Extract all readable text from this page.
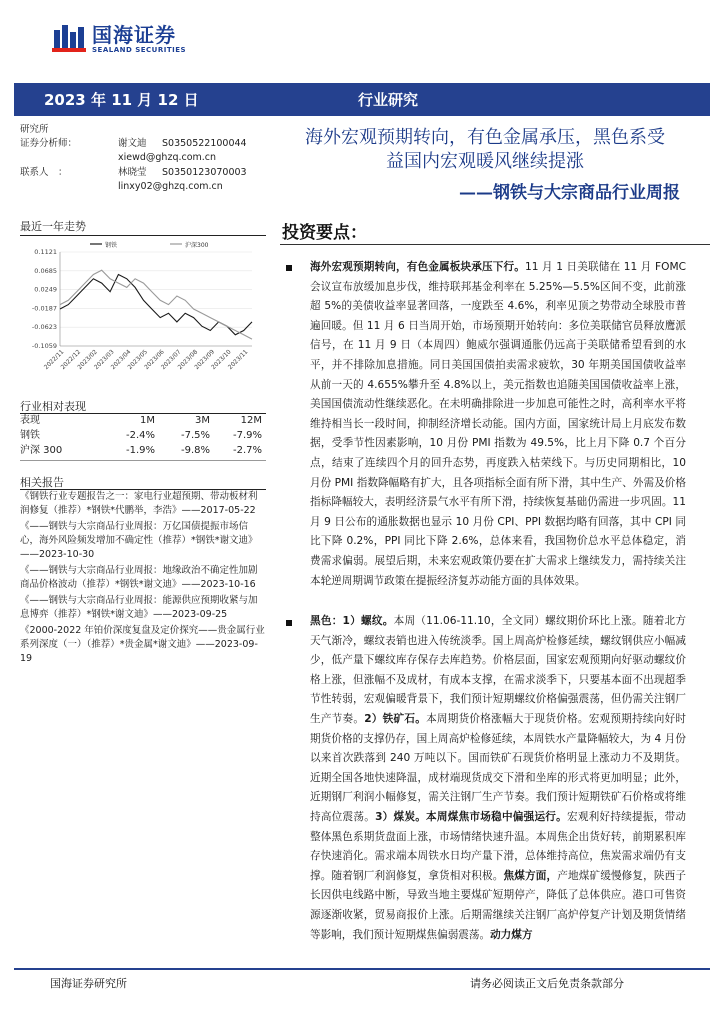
国海证券
SEALAND SECURITIES
2023 年 11 月 12 日	行业研究
研究所
证券分析师：	谢文迪 S0350522100044
xiewd@ghzq.com.cn
联系人　：	林晓莹 S0350123070003
linxy02@ghzq.com.cn
海外宏观预期转向，有色金属承压，黑色系受
益国内宏观暖风继续提涨
——钢铁与大宗商品行业周报
最近一年走势
钢铁	沪深300
0.1121
0.0685
0.0249
-0.0187
-0.0623
-0.1059
2022/11
2022/12
2023/02
2023/03
2023/04
2023/05
2023/06
2023/07
2023/08
2023/09
2023/10
2023/11
行业相对表现
表现	1M	3M	12M
钢铁	-2.4%	-7.5%	-7.9%
沪深 300	-1.9%	-9.8%	-2.7%
相关报告
《钢铁行业专题报告之一：家电行业超预期、带动板材利润修复（推荐）*钢铁*代鹏举，李浩》——2017-05-22
《——钢铁与大宗商品行业周报：万亿国债提振市场信心，海外风险频发增加不确定性（推荐）*钢铁*谢文迪》——2023-10-30
《——钢铁与大宗商品行业周报：地缘政治不确定性加剧商品价格波动（推荐）*钢铁*谢文迪》——2023-10-16
《——钢铁与大宗商品行业周报：能源供应预期收紧与加息博弈（推荐）*钢铁*谢文迪》——2023-09-25
《2000-2022 年铂价深度复盘及定价探究——贵金属行业系列深度（一）（推荐）*贵金属*谢文迪》——2023-09-19
投资要点：
海外宏观预期转向，有色金属板块承压下行。11 月 1 日美联储在 11 月 FOMC 会议宣布放缓加息步伐，维持联邦基金利率在 5.25%—5.5%区间不变，此前涨超 5%的美债收益率显著回落，一度跌至 4.6%，利率见顶之势带动全球股市普遍回暖。但 11 月 6 日当周开始，市场预期开始转向：多位美联储官员释放鹰派信号，在 11 月 9 日（本周四）鲍威尔强调通胀仍远高于美联储希望看到的水平，并不排除加息措施。同日美国国债拍卖需求疲软，30 年期美国国债收益率从前一天的 4.655%攀升至 4.8%以上，美元指数也追随美国国债收益率上涨，美国国债流动性继续恶化。在未明确排除进一步加息可能性之时，高利率水平将维持相当长一段时间，抑制经济增长动能。国内方面，国家统计局上月底发布数据，受季节性因素影响，10 月份 PMI 指数为 49.5%，比上月下降 0.7 个百分点，结束了连续四个月的回升态势，再度跌入枯荣线下。与历史同期相比，10 月份 PMI 指数降幅略有扩大，且各项指标全面有所下滑，其中生产、外需及价格指标降幅较大，表明经济景气水平有所下滑，持续恢复基础仍需进一步巩固。11 月 9 日公布的通胀数据也显示 10 月份 CPI、PPI 数据均略有回落，其中 CPI 同比下降 0.2%，PPI 同比下降 2.6%，总体来看，我国物价总水平总体稳定，消费需求偏弱。展望后期，未来宏观政策仍要在扩大需求上继续发力，需持续关注本轮逆周期调节政策在提振经济复苏动能方面的具体效果。
黑色：1）螺纹。本周（11.06-11.10，全文同）螺纹期价环比上涨。随着北方天气渐冷，螺纹表销也进入传统淡季。国上周高炉检修延续，螺纹钢供应小幅减少，低产量下螺纹库存保存去库趋势。价格层面，国家宏观预期向好驱动螺纹价格上涨，但涨幅不及成材，有成本支撑，在需求淡季下，只要基本面不出现超季节性转弱，宏观偏暖背景下，我们预计短期螺纹价格偏强震荡，但仍需关注钢厂生产节奏。2）铁矿石。本周期货价格涨幅大于现货价格。宏观预期持续向好时期货价格的支撑仍存，国上周高炉检修延续，本周铁水产量降幅较大，为 4 月份以来首次跌落到 240 万吨以下。国而铁矿石现货价格明显上涨动力不及期货。近期全国各地快速降温，成材端现货成交下滑和坐库的形式将更加明显；此外，近期钢厂利润小幅修复，需关注钢厂生产节奏。我们预计短期铁矿石价格或将维持高位震荡。3）煤炭。本周煤焦市场稳中偏强运行。宏观利好持续提振，带动整体黑色系期货盘面上涨，市场情绪快速升温。本周焦企出货好转，前期累积库存快速消化。需求端本周铁水日均产量下滑，总体维持高位，焦炭需求端仍有支撑。随着钢厂利润修复，拿货相对积极。焦煤方面，产地煤矿缓慢修复，陕西子长因供电线路中断，导致当地主要煤矿短期停产，降低了总体供应。港口可售资源逐渐收紧，贸易商报价上涨。后期需继续关注钢厂高炉停复产计划及期货情绪等影响，我们预计短期煤焦偏弱震荡。动力煤方
国海证券研究所	请务必阅读正文后免责条款部分
